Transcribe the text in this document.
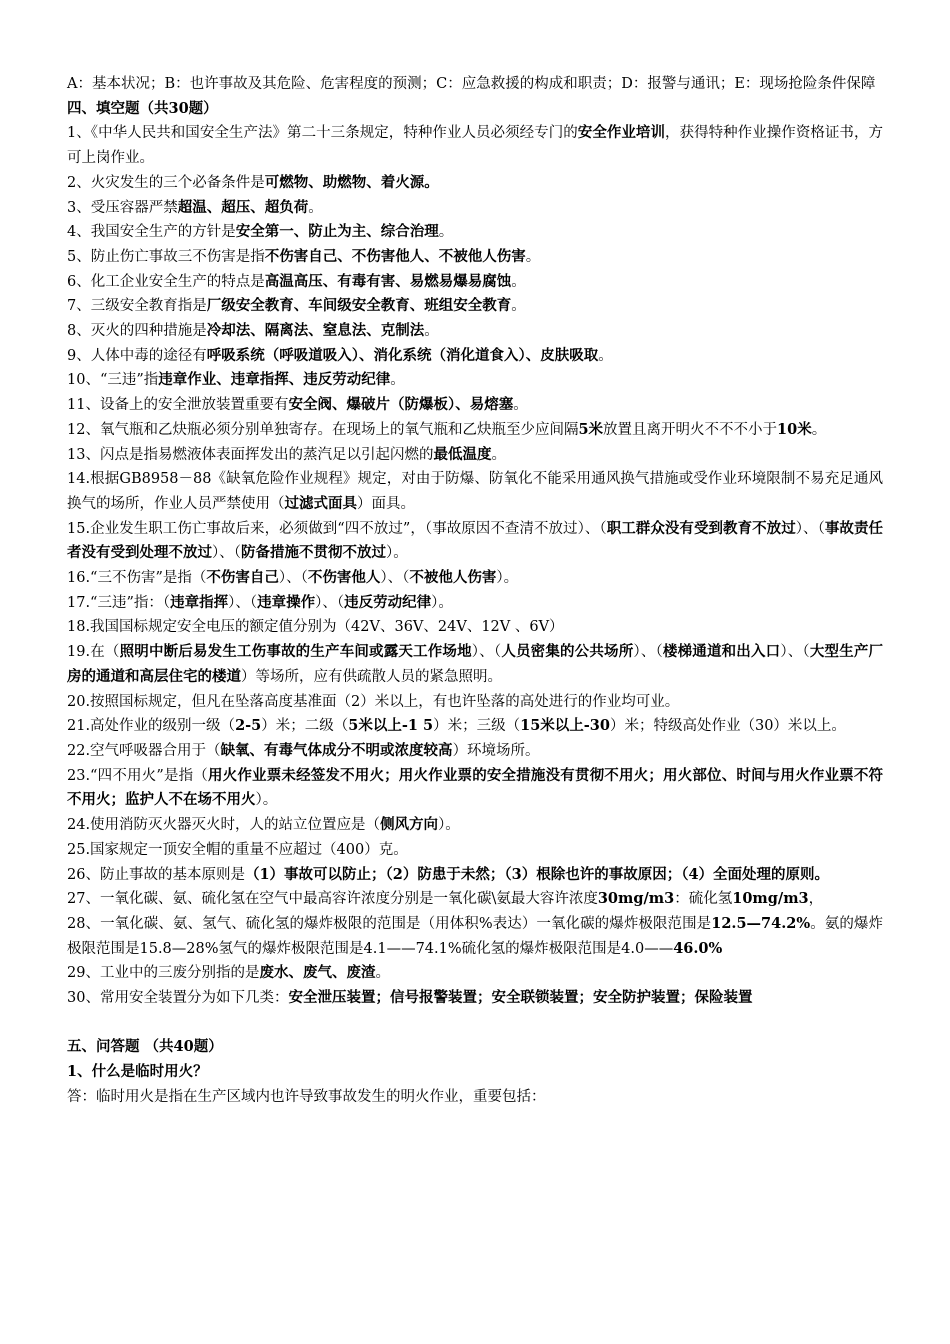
A：基本状况；B：也许事故及其危险、危害程度的预测；C：应急救援的构成和职责；D：报警与通讯；E：现场抢险条件保障

四、填空题（共30题）

1、《中华人民共和国安全生产法》第二十三条规定，特种作业人员必须经专门的安全作业培训，获得特种作业操作资格证书，方可上岗作业。

2、火灾发生的三个必备条件是可燃物、助燃物、着火源。

3、受压容器严禁超温、超压、超负荷。

4、我国安全生产的方针是安全第一、防止为主、综合治理。

5、防止伤亡事故三不伤害是指不伤害自己、不伤害他人、不被他人伤害。

6、化工企业安全生产的特点是高温高压、有毒有害、易燃易爆易腐蚀。

7、三级安全教育指是厂级安全教育、车间级安全教育、班组安全教育。

8、灭火的四种措施是冷却法、隔离法、窒息法、克制法。

9、人体中毒的途径有呼吸系统（呼吸道吸入）、消化系统（消化道食入）、皮肤吸取。

10、“三违”指违章作业、违章指挥、违反劳动纪律。

11、设备上的安全泄放装置重要有安全阀、爆破片（防爆板）、易熔塞。

12、氧气瓶和乙炔瓶必须分别单独寄存。在现场上的氧气瓶和乙炔瓶至少应间隔5米放置且离开明火不不不小于10米。

13、闪点是指易燃液体表面挥发出的蒸汽足以引起闪燃的最低温度。

14.根据GB8958－88《缺氧危险作业规程》规定，对由于防爆、防氧化不能采用通风换气措施或受作业环境限制不易充足通风换气的场所，作业人员严禁使用（过滤式面具）面具。

15.企业发生职工伤亡事故后来，必须做到“四不放过”，（事故原因不查清不放过）、（职工群众没有受到教育不放过）、（事故责任者没有受到处理不放过）、（防备措施不贯彻不放过）。

16.“三不伤害”是指（不伤害自己）、（不伤害他人）、（不被他人伤害）。

17.“三违”指：（违章指挥）、（违章操作）、（违反劳动纪律）。

18.我国国标规定安全电压的额定值分别为（42V、36V、24V、12V 、6V）

19.在（照明中断后易发生工伤事故的生产车间或露天工作场地）、（人员密集的公共场所）、（楼梯通道和出入口）、（大型生产厂房的通道和高层住宅的楼道）等场所，应有供疏散人员的紧急照明。

20.按照国标规定，但凡在坠落高度基准面（2）米以上，有也许坠落的高处进行的作业均可业。

21.高处作业的级别一级（2-5）米；二级（5米以上-1 5）米；三级（15米以上-30）米；特级高处作业（30）米以上。

22.空气呼吸器合用于（缺氧、有毒气体成分不明或浓度较高）环境场所。

23.“四不用火”是指（用火作业票未经签发不用火；用火作业票的安全措施没有贯彻不用火；用火部位、时间与用火作业票不符不用火；监护人不在场不用火）。

24.使用消防灭火器灭火时，人的站立位置应是（侧风方向）。

25.国家规定一顶安全帽的重量不应超过（400）克。

26、防止事故的基本原则是（1）事故可以防止；（2）防患于未然；（3）根除也许的事故原因；（4）全面处理的原则。

27、一氧化碳、氨、硫化氢在空气中最高容许浓度分别是一氧化碳\氨最大容许浓度30mg/m3：硫化氢10mg/m3，

28、一氧化碳、氨、氢气、硫化氢的爆炸极限的范围是（用体积%表达）一氧化碳的爆炸极限范围是12.5—74.2%。氨的爆炸极限范围是15.8—28%氢气的爆炸极限范围是4.1——74.1%硫化氢的爆炸极限范围是4.0——46.0%

29、工业中的三废分别指的是废水、废气、废渣。

30、常用安全装置分为如下几类：安全泄压装置；信号报警装置；安全联锁装置；安全防护装置；保险装置

五、问答题 （共40题）

1、什么是临时用火？

答：临时用火是指在生产区域内也许导致事故发生的明火作业，重要包括：
